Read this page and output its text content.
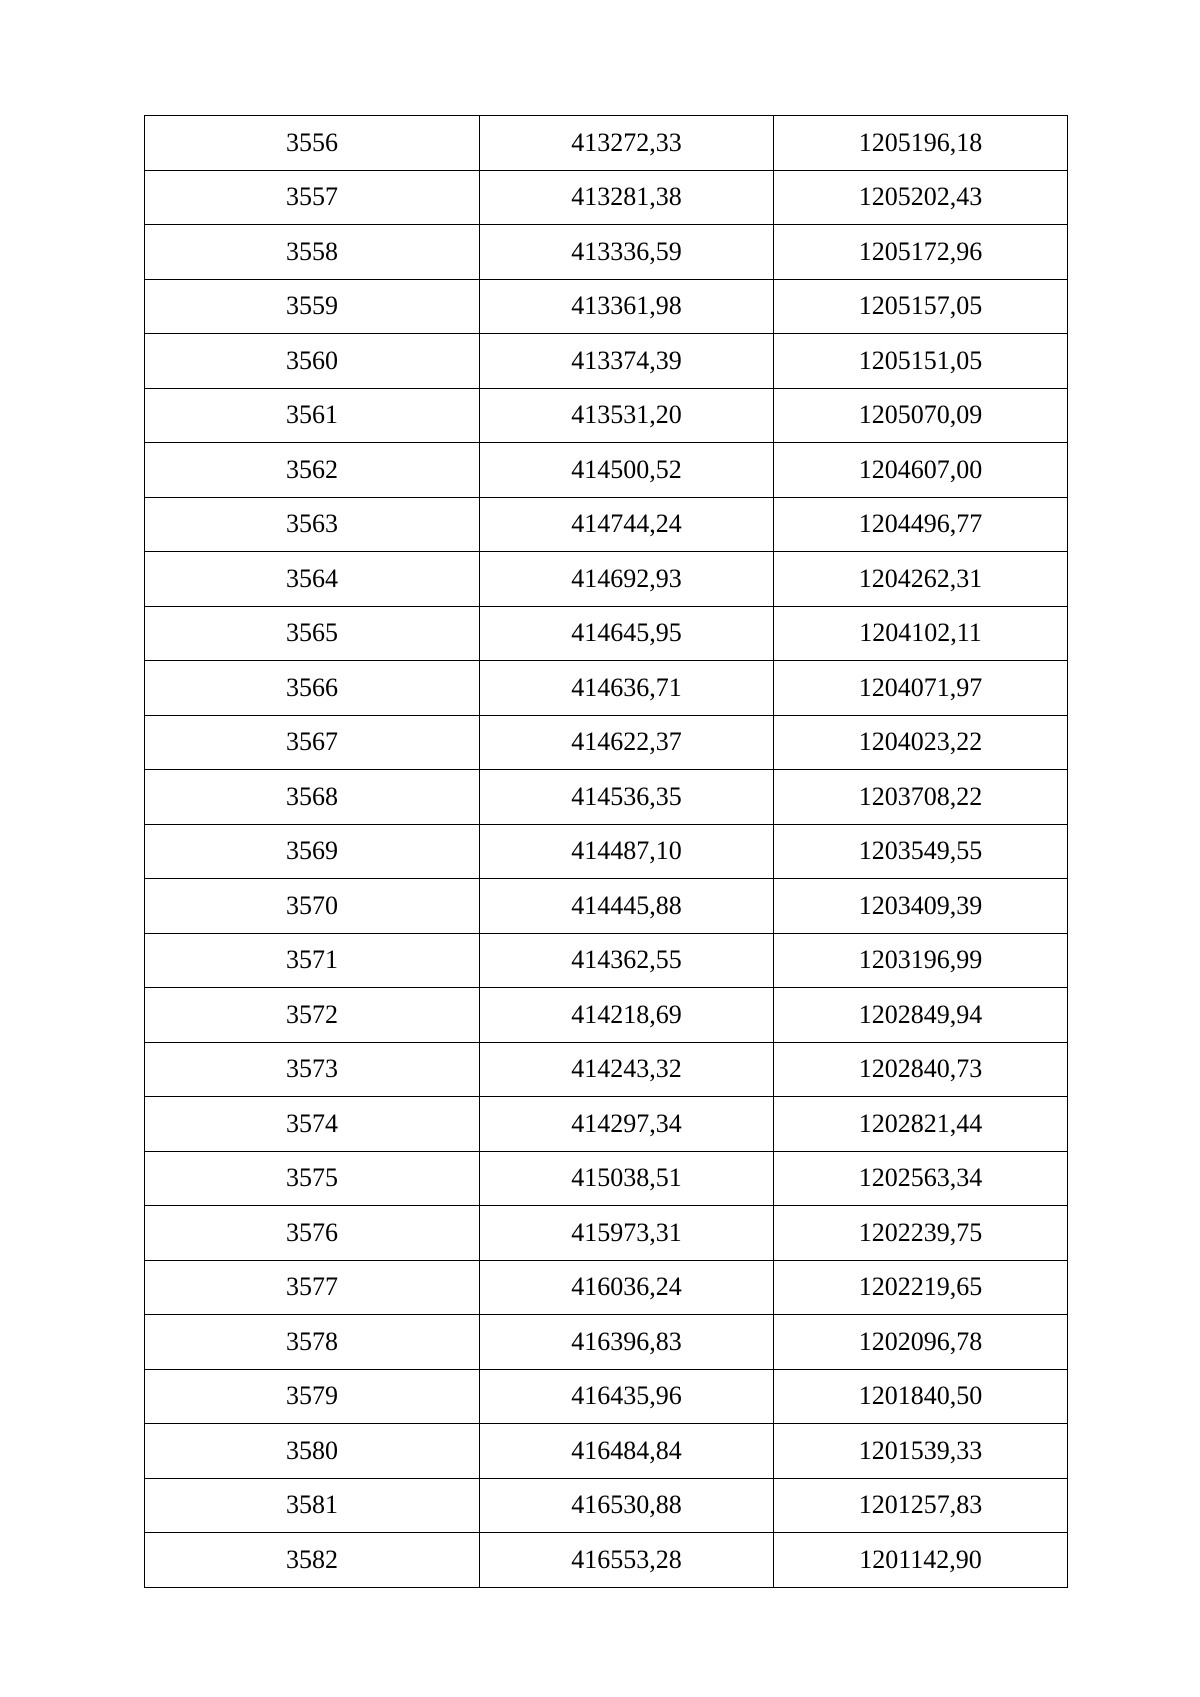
3556	413272,33	1205196,18
3557	413281,38	1205202,43
3558	413336,59	1205172,96
3559	413361,98	1205157,05
3560	413374,39	1205151,05
3561	413531,20	1205070,09
3562	414500,52	1204607,00
3563	414744,24	1204496,77
3564	414692,93	1204262,31
3565	414645,95	1204102,11
3566	414636,71	1204071,97
3567	414622,37	1204023,22
3568	414536,35	1203708,22
3569	414487,10	1203549,55
3570	414445,88	1203409,39
3571	414362,55	1203196,99
3572	414218,69	1202849,94
3573	414243,32	1202840,73
3574	414297,34	1202821,44
3575	415038,51	1202563,34
3576	415973,31	1202239,75
3577	416036,24	1202219,65
3578	416396,83	1202096,78
3579	416435,96	1201840,50
3580	416484,84	1201539,33
3581	416530,88	1201257,83
3582	416553,28	1201142,90
